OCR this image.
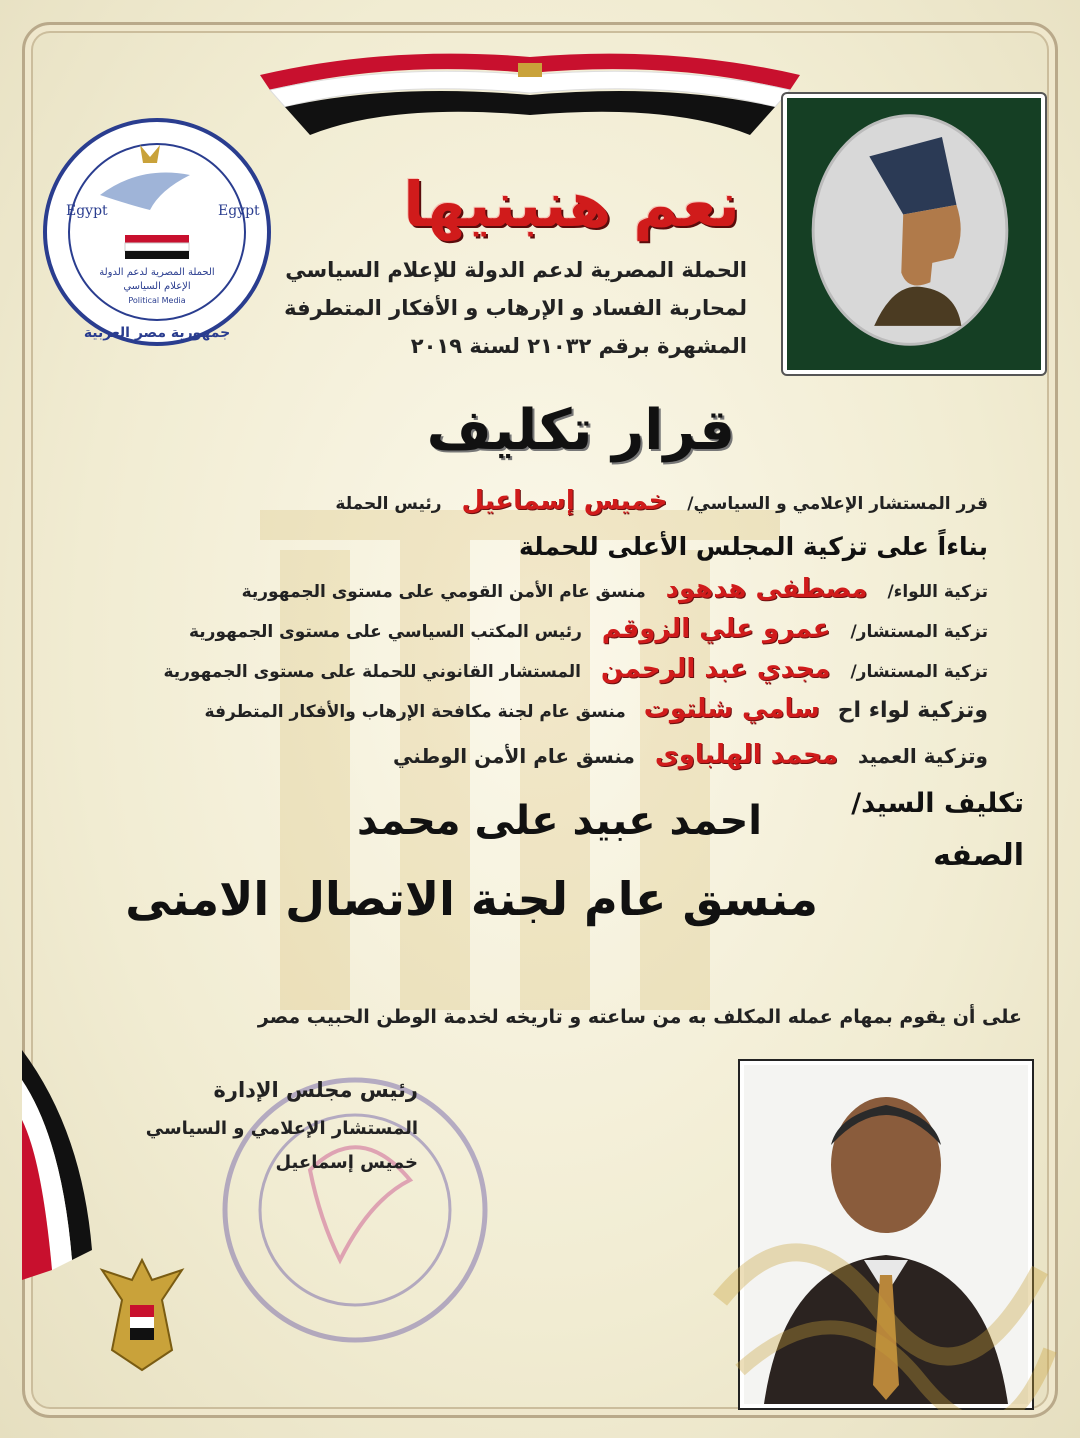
Egypt	Egypt
الحملة المصرية لدعم الدولة
الإعلام السياسي
Political Media
جمهورية مصر العربية
نعم هنبنيها
الحملة المصرية لدعم الدولة للإعلام السياسي
لمحاربة الفساد و الإرهاب و الأفكار المتطرفة
المشهرة برقم ٢١٠٣٢ لسنة ٢٠١٩
قرار تكليف
قرر المستشار الإعلامي و السياسي/ خميس إسماعيل رئيس الحملة
بناءاً على تزكية المجلس الأعلى للحملة
تزكية اللواء/ مصطفى هدهود منسق عام الأمن القومي على مستوى الجمهورية
تزكية المستشار/ عمرو علي الزوقم رئيس المكتب السياسي على مستوى الجمهورية
تزكية المستشار/ مجدي عبد الرحمن المستشار القانوني للحملة على مستوى الجمهورية
وتزكية لواء اح سامي شلتوت منسق عام لجنة مكافحة الإرهاب والأفكار المتطرفة
وتزكية العميد محمد الهلباوى منسق عام الأمن الوطني
تكليف السيد/
الصفه
احمد عبيد على محمد
منسق عام لجنة الاتصال الامنى
على أن يقوم بمهام عمله المكلف به من ساعته و تاريخه لخدمة الوطن الحبيب مصر
رئيس مجلس الإدارة
المستشار الإعلامي و السياسي
خميس إسماعيل
